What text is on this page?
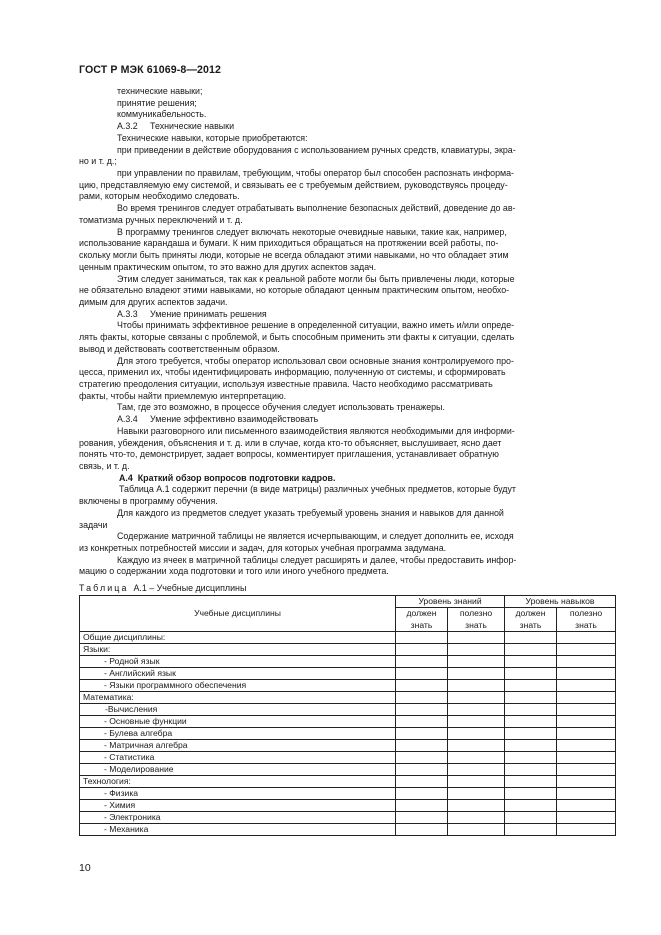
ГОСТ Р МЭК 61069-8—2012

технические навыки;

принятие решения;

коммуникабельность.

А.3.2     Технические навыки

Технические навыки, которые приобретаются:

при приведении в действие оборудования с использованием ручных средств, клавиатуры, экра-

но и т. д.;

при управлении по правилам, требующим, чтобы оператор был способен распознать информа-

цию, представляемую ему системой, и связывать ее с требуемым действием, руководствуясь процеду-

рами, которым необходимо следовать.

Во время тренингов следует отрабатывать выполнение безопасных действий, доведение до ав-

томатизма ручных переключений и т. д.

В программу тренингов следует включать некоторые очевидные навыки, такие как, например,

использование карандаша и бумаги. К ним приходиться обращаться на протяжении всей работы, по-

скольку могли быть приняты люди, которые не всегда обладают этими навыками, но что обладает этим

ценным практическим опытом, то это важно для других аспектов задач.

Этим следует заниматься, так как к реальной работе могли бы быть привлечены люди, которые

не обязательно владеют этими навыками, но которые обладают ценным практическим опытом, необхо-

димым для других аспектов задачи.

А.3.3     Умение принимать решения

Чтобы принимать эффективное решение в определенной ситуации, важно иметь и/или опреде-

лять факты, которые связаны с проблемой, и быть способным применить эти факты к ситуации, сделать

вывод и действовать соответственным образом.

Для этого требуется, чтобы оператор использовал свои основные знания контролируемого про-

цесса, применил их, чтобы идентифицировать информацию, полученную от системы, и сформировать

стратегию преодоления ситуации, используя известные правила. Часто необходимо рассматривать

факты, чтобы найти приемлемую интерпретацию.

Там, где это возможно, в процессе обучения следует использовать тренажеры.

А.3.4     Умение эффективно взаимодействовать

Навыки разговорного или письменного взаимодействия являются необходимыми для информи-

рования, убеждения, объяснения и т. д. или в случае, когда кто-то объясняет, выслушивает, ясно дает

понять что-то, демонстрирует, задает вопросы, комментирует приглашения, устанавливает обратную

связь, и т. д.

А.4  Краткий обзор вопросов подготовки кадров.

Таблица А.1 содержит перечни (в виде матрицы) различных учебных предметов, которые будут

включены в программу обучения.

Для каждого из предметов следует указать требуемый уровень знания и навыков для данной

задачи

Содержание матричной таблицы не является исчерпывающим, и следует дополнить ее, исходя

из конкретных потребностей миссии и задач, для которых учебная программа задумана.

Каждую из ячеек в матричной таблицы следует расширять и далее, чтобы предоставить инфор-

мацию о содержании хода подготовки и того или иного учебного предмета.

Таблица А.1 – Учебные дисциплины
Учебные дисциплины	Уровень знаний		Уровень навыков	
	должен знать	полезно знать	должен знать	полезно знать

Общие дисциплины:				
Языки:				
- Родной язык				
- Английский язык				
- Языки программного обеспечения				
Математика:				
-Вычисления				
- Основные функции				
- Булева алгебра				
- Матричная алгебра				
- Статистика				
- Моделирование				
Технология:				
- Физика				
- Химия				
- Электроника				
- Механика				
10
